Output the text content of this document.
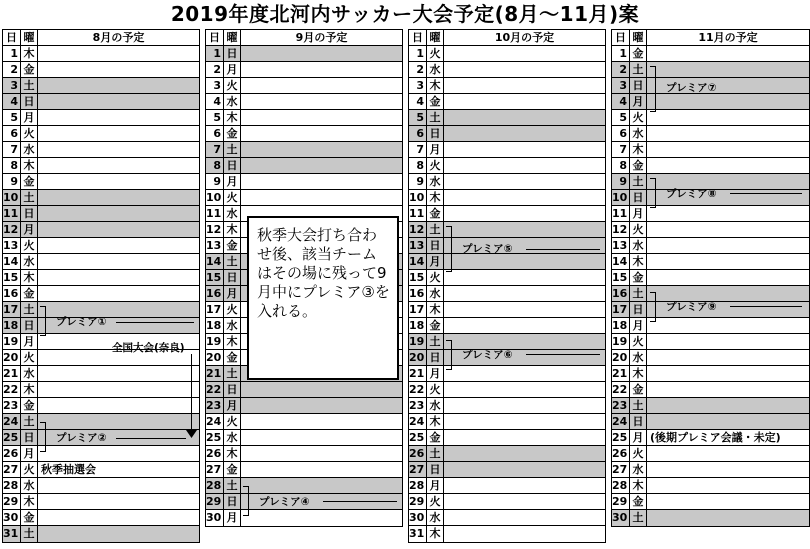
2019年度北河内サッカー大会予定(8月～11月)案
日 曜	8月の予定
1 木
2 金
3 土
4 日
5 月
6 火
7 水
8 木
9 金
10 土
11 日
12 月
13 火
14 水
15 木
16 金
17 土
18 日
19 月
20 火
21 水
22 木
23 金
24 土
25 日
26 月
27 火 秋季抽選会
28 水
29 木
30 金
31 土
日 曜	9月の予定
1 日
2 月
3 火
4 水
5 木
6 金
7 土
8 日
9 月
10 火
11 水
12 木
13 金
14 土
15 日
16 月
17 火
18 水
19 木
20 金
21 土
22 日
23 月
24 火
25 水
26 木
27 金
28 土
29 日
30 月
日 曜	10月の予定
1 火
2 水
3 木
4 金
5 土
6 日
7 月
8 火
9 水
10 木
11 金
12 土
13 日
14 月
15 火
16 水
17 木
18 金
19 土
20 日
21 月
22 火
23 水
24 木
25 金
26 土
27 日
28 月
29 火
30 水
31 木
日 曜	11月の予定
1 金
2 土
3 日
4 月
5 火
6 水
7 木
8 金
9 土
10 日
11 月
12 火
13 水
14 木
15 金
16 土
17 日
18 月
19 火
20 水
21 木
22 金
23 土
24 日
25 月 (後期プレミア会議・未定)
26 火
27 水
28 木
29 金
30 土
プレミア①
全国大会(奈良)
プレミア②
プレミア④
プレミア⑤
プレミア⑥
プレミア⑦
プレミア⑧
プレミア⑨
秋季大会打ち合わせ後、該当チームはその場に残って9月中にプレミア③を入れる。
